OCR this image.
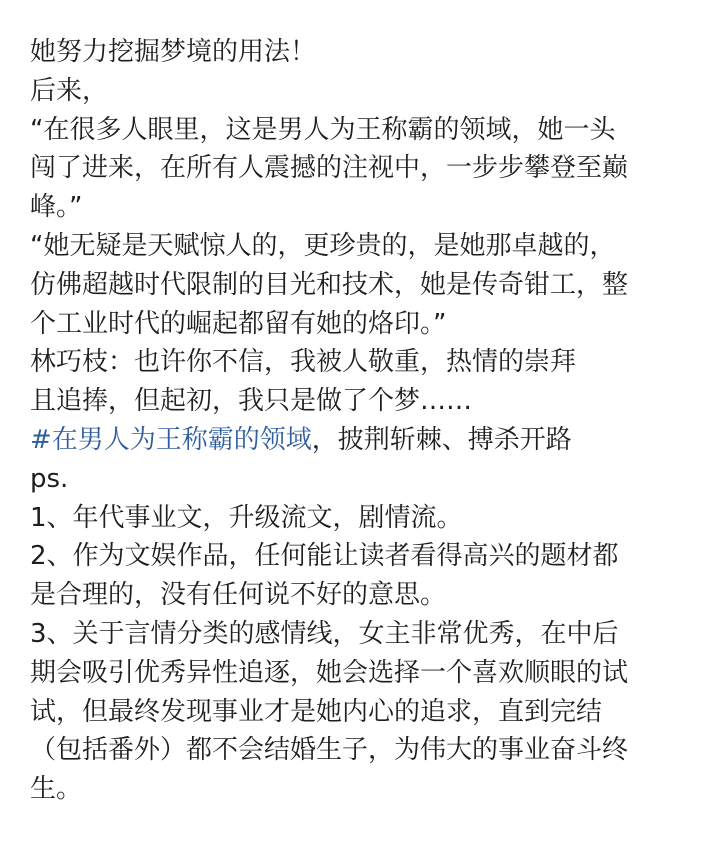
她努力挖掘梦境的用法！
后来，
“在很多人眼里，这是男人为王称霸的领域，她一头
闯了进来，在所有人震撼的注视中，一步步攀登至巅
峰。”
“她无疑是天赋惊人的，更珍贵的，是她那卓越的，
仿佛超越时代限制的目光和技术，她是传奇钳工，整
个工业时代的崛起都留有她的烙印。”
林巧枝：也许你不信，我被人敬重，热情的崇拜
且追捧，但起初，我只是做了个梦……
#在男人为王称霸的领域，披荆斩棘、搏杀开路
ps.
1、年代事业文，升级流文，剧情流。
2、作为文娱作品，任何能让读者看得高兴的题材都
是合理的，没有任何说不好的意思。
3、关于言情分类的感情线，女主非常优秀，在中后
期会吸引优秀异性追逐，她会选择一个喜欢顺眼的试
试，但最终发现事业才是她内心的追求，直到完结
（包括番外）都不会结婚生子，为伟大的事业奋斗终
生。
